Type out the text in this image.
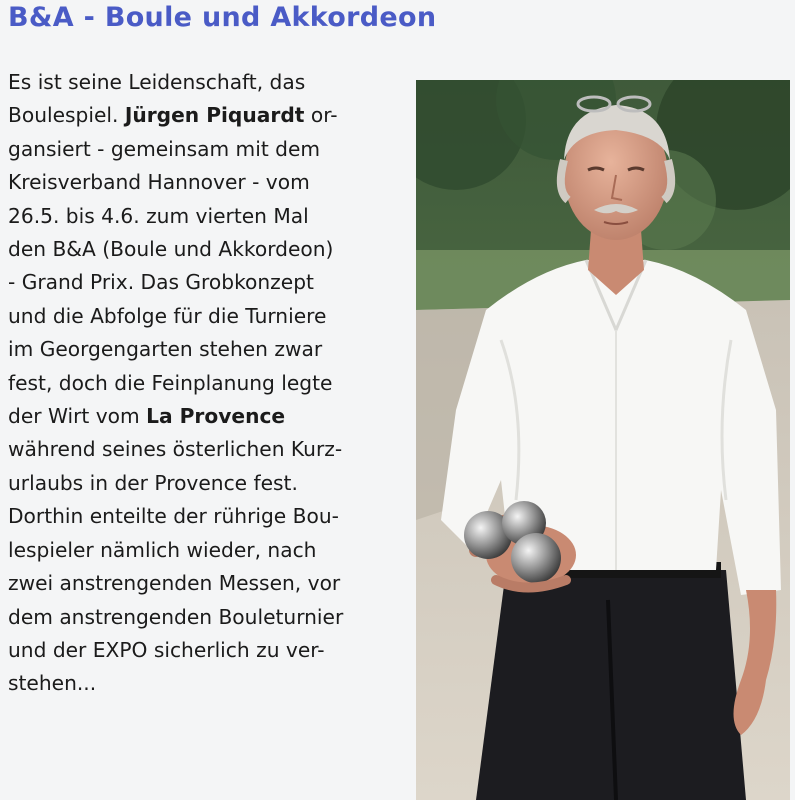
B&A - Boule und Akkordeon
Es ist seine Leidenschaft, das
Boulespiel. Jürgen Piquardt or-
gansiert - gemeinsam mit dem
Kreisverband Hannover - vom
26.5. bis 4.6. zum vierten Mal
den B&A (Boule und Akkordeon)
- Grand Prix. Das Grobkonzept
und die Abfolge für die Turniere
im Georgengarten stehen zwar
fest, doch die Feinplanung legte
der Wirt vom La Provence
während seines österlichen Kurz-
urlaubs in der Provence fest.
Dorthin enteilte der rührige Bou-
lespieler nämlich wieder, nach
zwei anstrengenden Messen, vor
dem anstrengenden Bouleturnier
und der EXPO sicherlich zu ver-
stehen...
